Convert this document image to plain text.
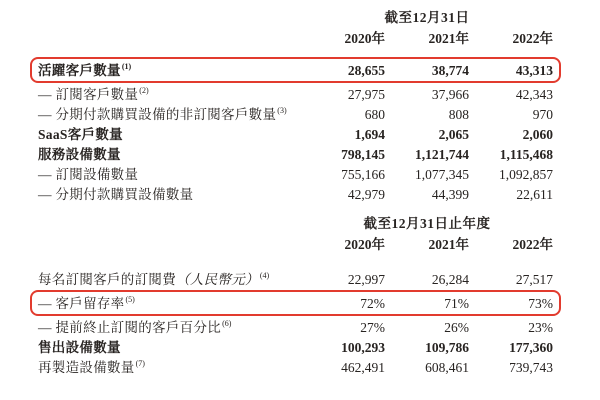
截至12月31日
2020年	2021年	2022年
活躍客戶數量$^{(1)}$	28,655	38,774	43,313
— 訂閱客戶數量$^{(2)}$	27,975	37,966	42,343
— 分期付款購買設備的非訂閱客戶數量$^{(3)}$	680	808	970
SaaS客戶數量	1,694	2,065	2,060
服務設備數量	798,145	1,121,744	1,115,468
— 訂閱設備數量	755,166	1,077,345	1,092,857
— 分期付款購買設備數量	42,979	44,399	22,611
截至12月31日止年度
2020年	2021年	2022年
每名訂閱客戶的訂閱費（人民幣元）$^{(4)}$	22,997	26,284	27,517
— 客戶留存率$^{(5)}$	72%	71%	73%
— 提前終止訂閱的客戶百分比$^{(6)}$	27%	26%	23%
售出設備數量	100,293	109,786	177,360
再製造設備數量$^{(7)}$	462,491	608,461	739,743
